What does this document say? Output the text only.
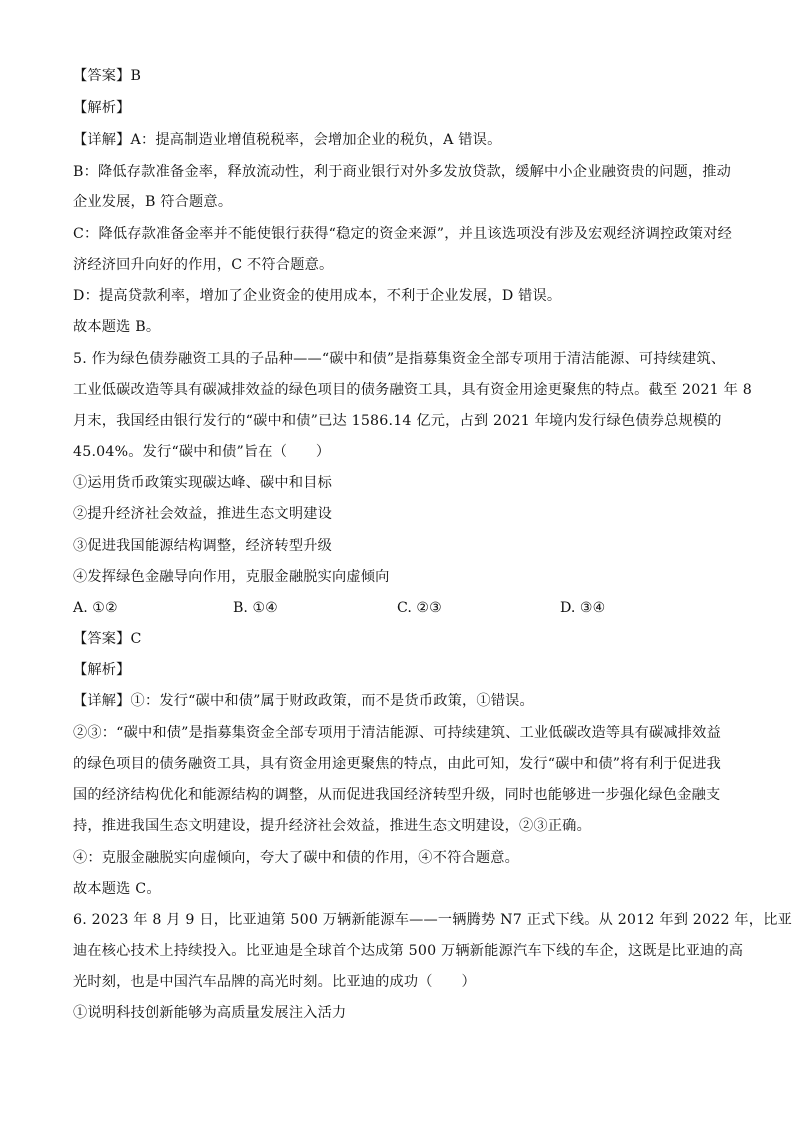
【答案】B
【解析】
【详解】A：提高制造业增值税税率，会增加企业的税负，A 错误。
B：降低存款准备金率，释放流动性，利于商业银行对外多发放贷款，缓解中小企业融资贵的问题，推动
企业发展，B 符合题意。
C：降低存款准备金率并不能使银行获得“稳定的资金来源”，并且该选项没有涉及宏观经济调控政策对经
济经济回升向好的作用，C 不符合题意。
D：提高贷款利率，增加了企业资金的使用成本，不利于企业发展，D 错误。
故本题选 B。
5. 作为绿色债券融资工具的子品种——“碳中和债”是指募集资金全部专项用于清洁能源、可持续建筑、
工业低碳改造等具有碳减排效益的绿色项目的债务融资工具，具有资金用途更聚焦的特点。截至 2021 年 8
月末，我国经由银行发行的“碳中和债”已达 1586.14 亿元，占到 2021 年境内发行绿色债券总规模的
45.04%。发行“碳中和债”旨在（　　）
①运用货币政策实现碳达峰、碳中和目标
②提升经济社会效益，推进生态文明建设
③促进我国能源结构调整，经济转型升级
④发挥绿色金融导向作用，克服金融脱实向虚倾向
A. ①②	B. ①④	C. ②③	D. ③④
【答案】C
【解析】
【详解】①：发行“碳中和债”属于财政政策，而不是货币政策，①错误。
②③：“碳中和债”是指募集资金全部专项用于清洁能源、可持续建筑、工业低碳改造等具有碳减排效益
的绿色项目的债务融资工具，具有资金用途更聚焦的特点，由此可知，发行“碳中和债”将有利于促进我
国的经济结构优化和能源结构的调整，从而促进我国经济转型升级，同时也能够进一步强化绿色金融支
持，推进我国生态文明建设，提升经济社会效益，推进生态文明建设，②③正确。
④：克服金融脱实向虚倾向，夸大了碳中和债的作用，④不符合题意。
故本题选 C。
6. 2023 年 8 月 9 日，比亚迪第 500 万辆新能源车——一辆腾势 N7 正式下线。从 2012 年到 2022 年，比亚
迪在核心技术上持续投入。比亚迪是全球首个达成第 500 万辆新能源汽车下线的车企，这既是比亚迪的高
光时刻，也是中国汽车品牌的高光时刻。比亚迪的成功（　　）
①说明科技创新能够为高质量发展注入活力
